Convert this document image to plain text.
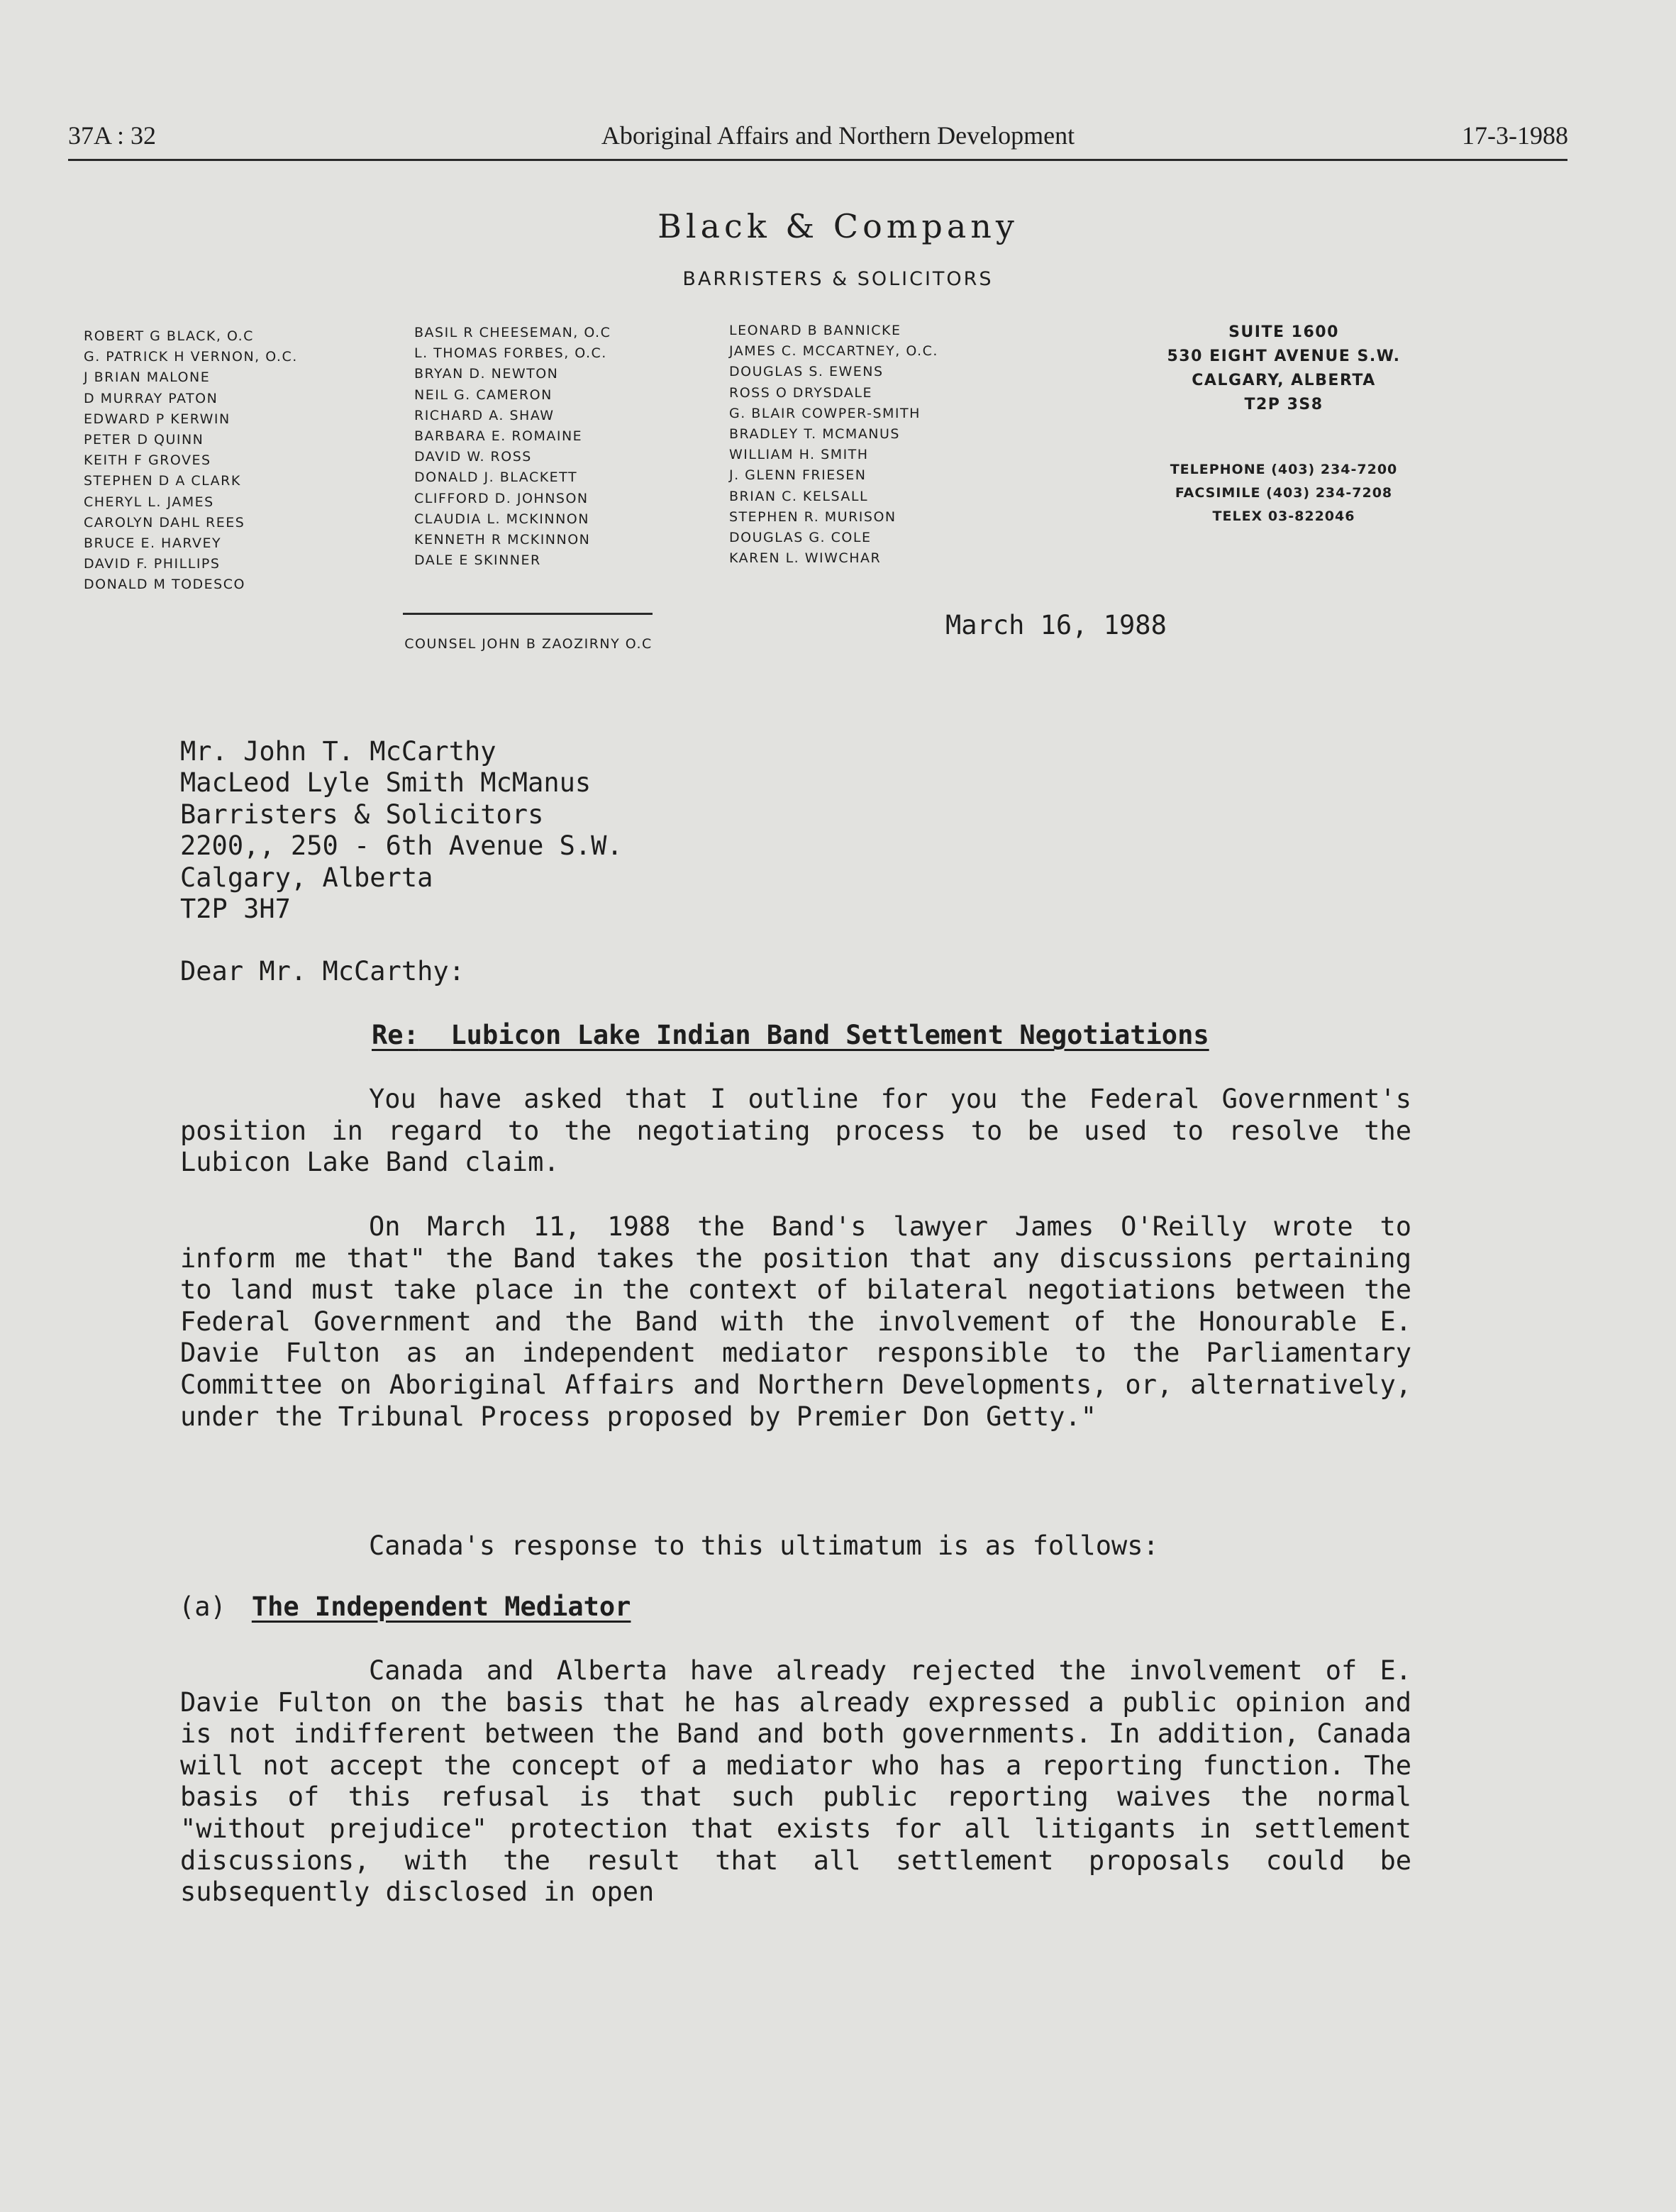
37A : 32	Aboriginal Affairs and Northern Development	17-3-1988
Black & Company
BARRISTERS & SOLICITORS
ROBERT G BLACK, O.C
G. PATRICK H VERNON, O.C.
J BRIAN MALONE
D MURRAY PATON
EDWARD P KERWIN
PETER D QUINN
KEITH F GROVES
STEPHEN D A CLARK
CHERYL L. JAMES
CAROLYN DAHL REES
BRUCE E. HARVEY
DAVID F. PHILLIPS
DONALD M TODESCO
BASIL R CHEESEMAN, O.C
L. THOMAS FORBES, O.C.
BRYAN D. NEWTON
NEIL G. CAMERON
RICHARD A. SHAW
BARBARA E. ROMAINE
DAVID W. ROSS
DONALD J. BLACKETT
CLIFFORD D. JOHNSON
CLAUDIA L. MCKINNON
KENNETH R MCKINNON
DALE E SKINNER
LEONARD B BANNICKE
JAMES C. MCCARTNEY, O.C.
DOUGLAS S. EWENS
ROSS O DRYSDALE
G. BLAIR COWPER-SMITH
BRADLEY T. MCMANUS
WILLIAM H. SMITH
J. GLENN FRIESEN
BRIAN C. KELSALL
STEPHEN R. MURISON
DOUGLAS G. COLE
KAREN L. WIWCHAR
SUITE 1600
530 EIGHT AVENUE S.W.
CALGARY, ALBERTA
T2P 3S8
TELEPHONE (403) 234-7200
FACSIMILE (403) 234-7208
TELEX 03-822046
COUNSEL JOHN B ZAOZIRNY O.C
March 16, 1988
Mr. John T. McCarthy
MacLeod Lyle Smith McManus
Barristers & Solicitors
2200,, 250 - 6th Avenue S.W.
Calgary, Alberta
T2P 3H7
Dear Mr. McCarthy:
Re: Lubicon Lake Indian Band Settlement Negotiations
You have asked that I outline for you the Federal Government's position in regard to the negotiating process to be used to resolve the Lubicon Lake Band claim.
On March 11, 1988 the Band's lawyer James O'Reilly wrote to inform me that" the Band takes the position that any discussions pertaining to land must take place in the context of bilateral negotiations between the Federal Government and the Band with the involvement of the Honourable E. Davie Fulton as an independent mediator responsible to the Parliamentary Committee on Aboriginal Affairs and Northern Developments, or, alternatively, under the Tribunal Process proposed by Premier Don Getty."
Canada's response to this ultimatum is as follows:
(a) The Independent Mediator
Canada and Alberta have already rejected the involvement of E. Davie Fulton on the basis that he has already expressed a public opinion and is not indifferent between the Band and both governments. In addition, Canada will not accept the concept of a mediator who has a reporting function. The basis of this refusal is that such public reporting waives the normal "without prejudice" protection that exists for all litigants in settlement discussions, with the result that all settlement proposals could be subsequently disclosed in open
